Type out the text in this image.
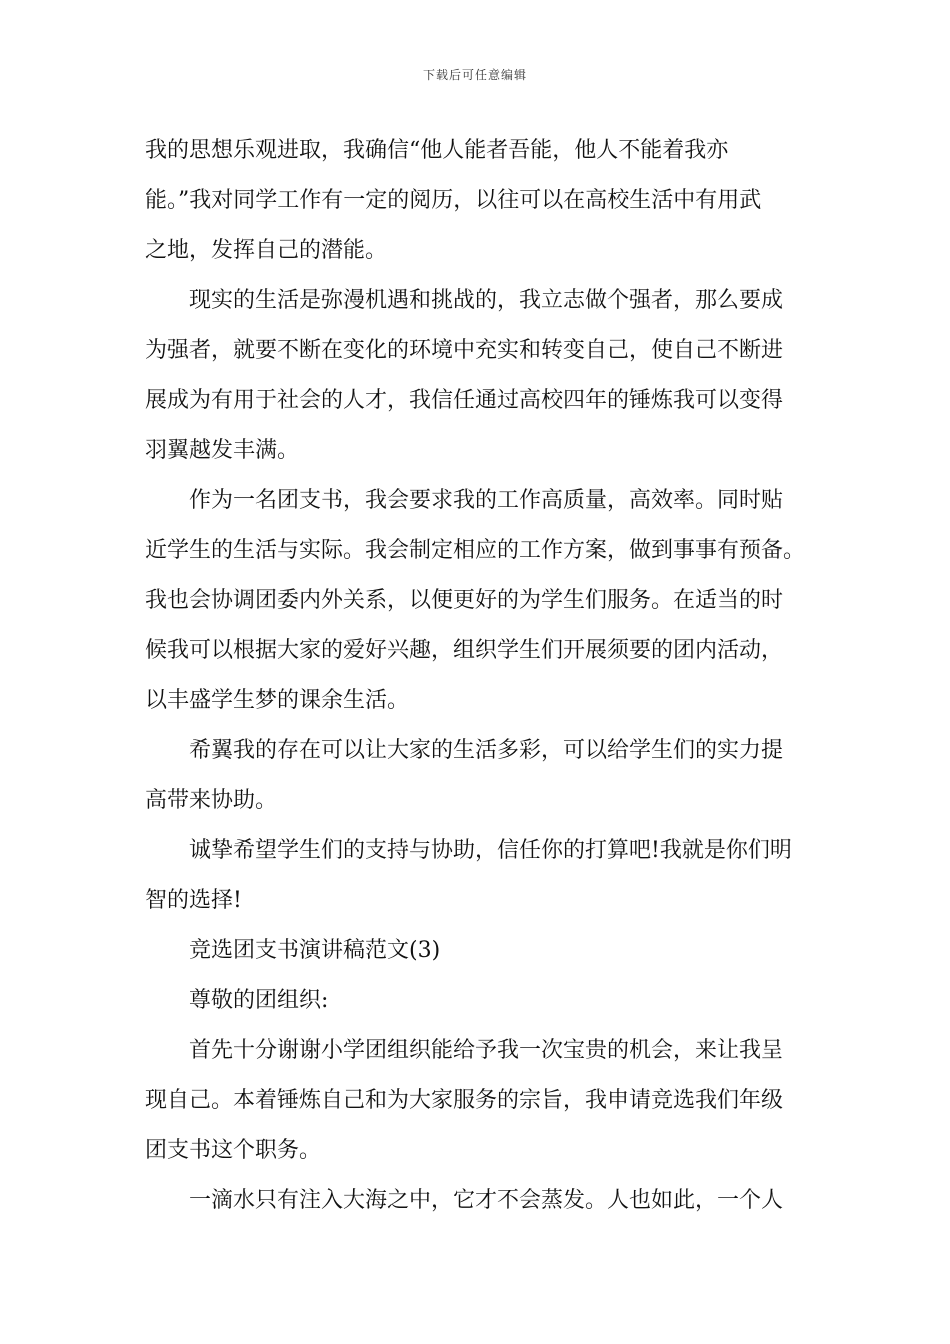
下载后可任意编辑
我的思想乐观进取，我确信“他人能者吾能，他人不能着我亦
能。”我对同学工作有一定的阅历，以往可以在高校生活中有用武
之地，发挥自己的潜能。
现实的生活是弥漫机遇和挑战的，我立志做个强者，那么要成
为强者，就要不断在变化的环境中充实和转变自己，使自己不断进
展成为有用于社会的人才，我信任通过高校四年的锤炼我可以变得
羽翼越发丰满。
作为一名团支书，我会要求我的工作高质量，高效率。同时贴
近学生的生活与实际。我会制定相应的工作方案，做到事事有预备。
我也会协调团委内外关系，以便更好的为学生们服务。在适当的时
候我可以根据大家的爱好兴趣，组织学生们开展须要的团内活动，
以丰盛学生梦的课余生活。
希翼我的存在可以让大家的生活多彩，可以给学生们的实力提
高带来协助。
诚挚希望学生们的支持与协助，信任你的打算吧!我就是你们明
智的选择!
竞选团支书演讲稿范文(3)
尊敬的团组织:
首先十分谢谢小学团组织能给予我一次宝贵的机会，来让我呈
现自己。本着锤炼自己和为大家服务的宗旨，我申请竞选我们年级
团支书这个职务。
一滴水只有注入大海之中，它才不会蒸发。人也如此，一个人
